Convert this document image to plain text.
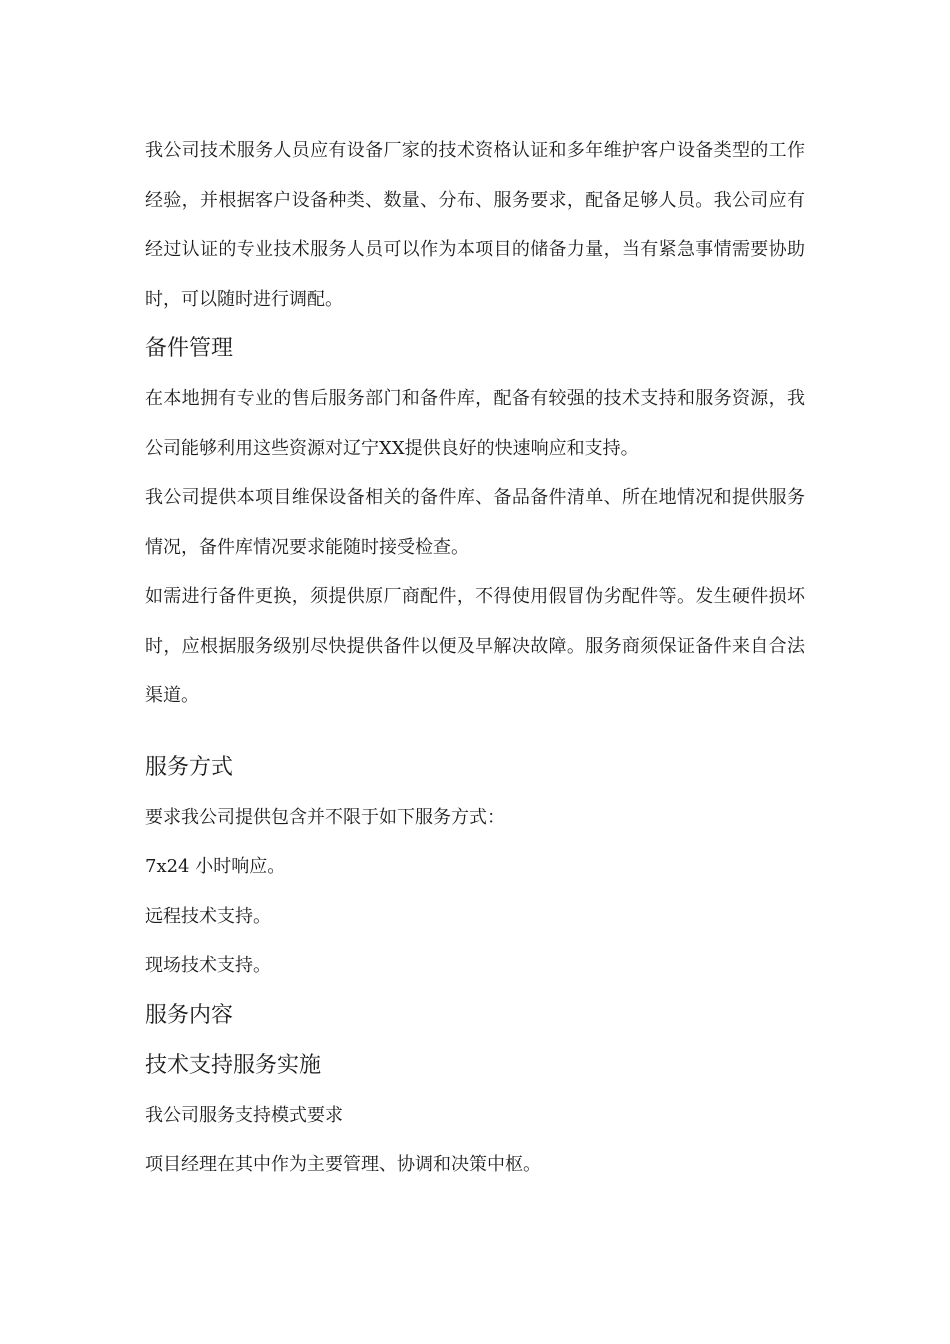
我公司技术服务人员应有设备厂家的技术资格认证和多年维护客户设备类型的工作经验，并根据客户设备种类、数量、分布、服务要求，配备足够人员。我公司应有经过认证的专业技术服务人员可以作为本项目的储备力量，当有紧急事情需要协助时，可以随时进行调配。

备件管理

在本地拥有专业的售后服务部门和备件库，配备有较强的技术支持和服务资源，我公司能够利用这些资源对辽宁XX提供良好的快速响应和支持。

我公司提供本项目维保设备相关的备件库、备品备件清单、所在地情况和提供服务情况，备件库情况要求能随时接受检查。

如需进行备件更换，须提供原厂商配件，不得使用假冒伪劣配件等。发生硬件损坏时，应根据服务级别尽快提供备件以便及早解决故障。服务商须保证备件来自合法渠道。

服务方式

要求我公司提供包含并不限于如下服务方式：

7x24 小时响应。

远程技术支持。

现场技术支持。

服务内容
技术支持服务实施

我公司服务支持模式要求

项目经理在其中作为主要管理、协调和决策中枢。
